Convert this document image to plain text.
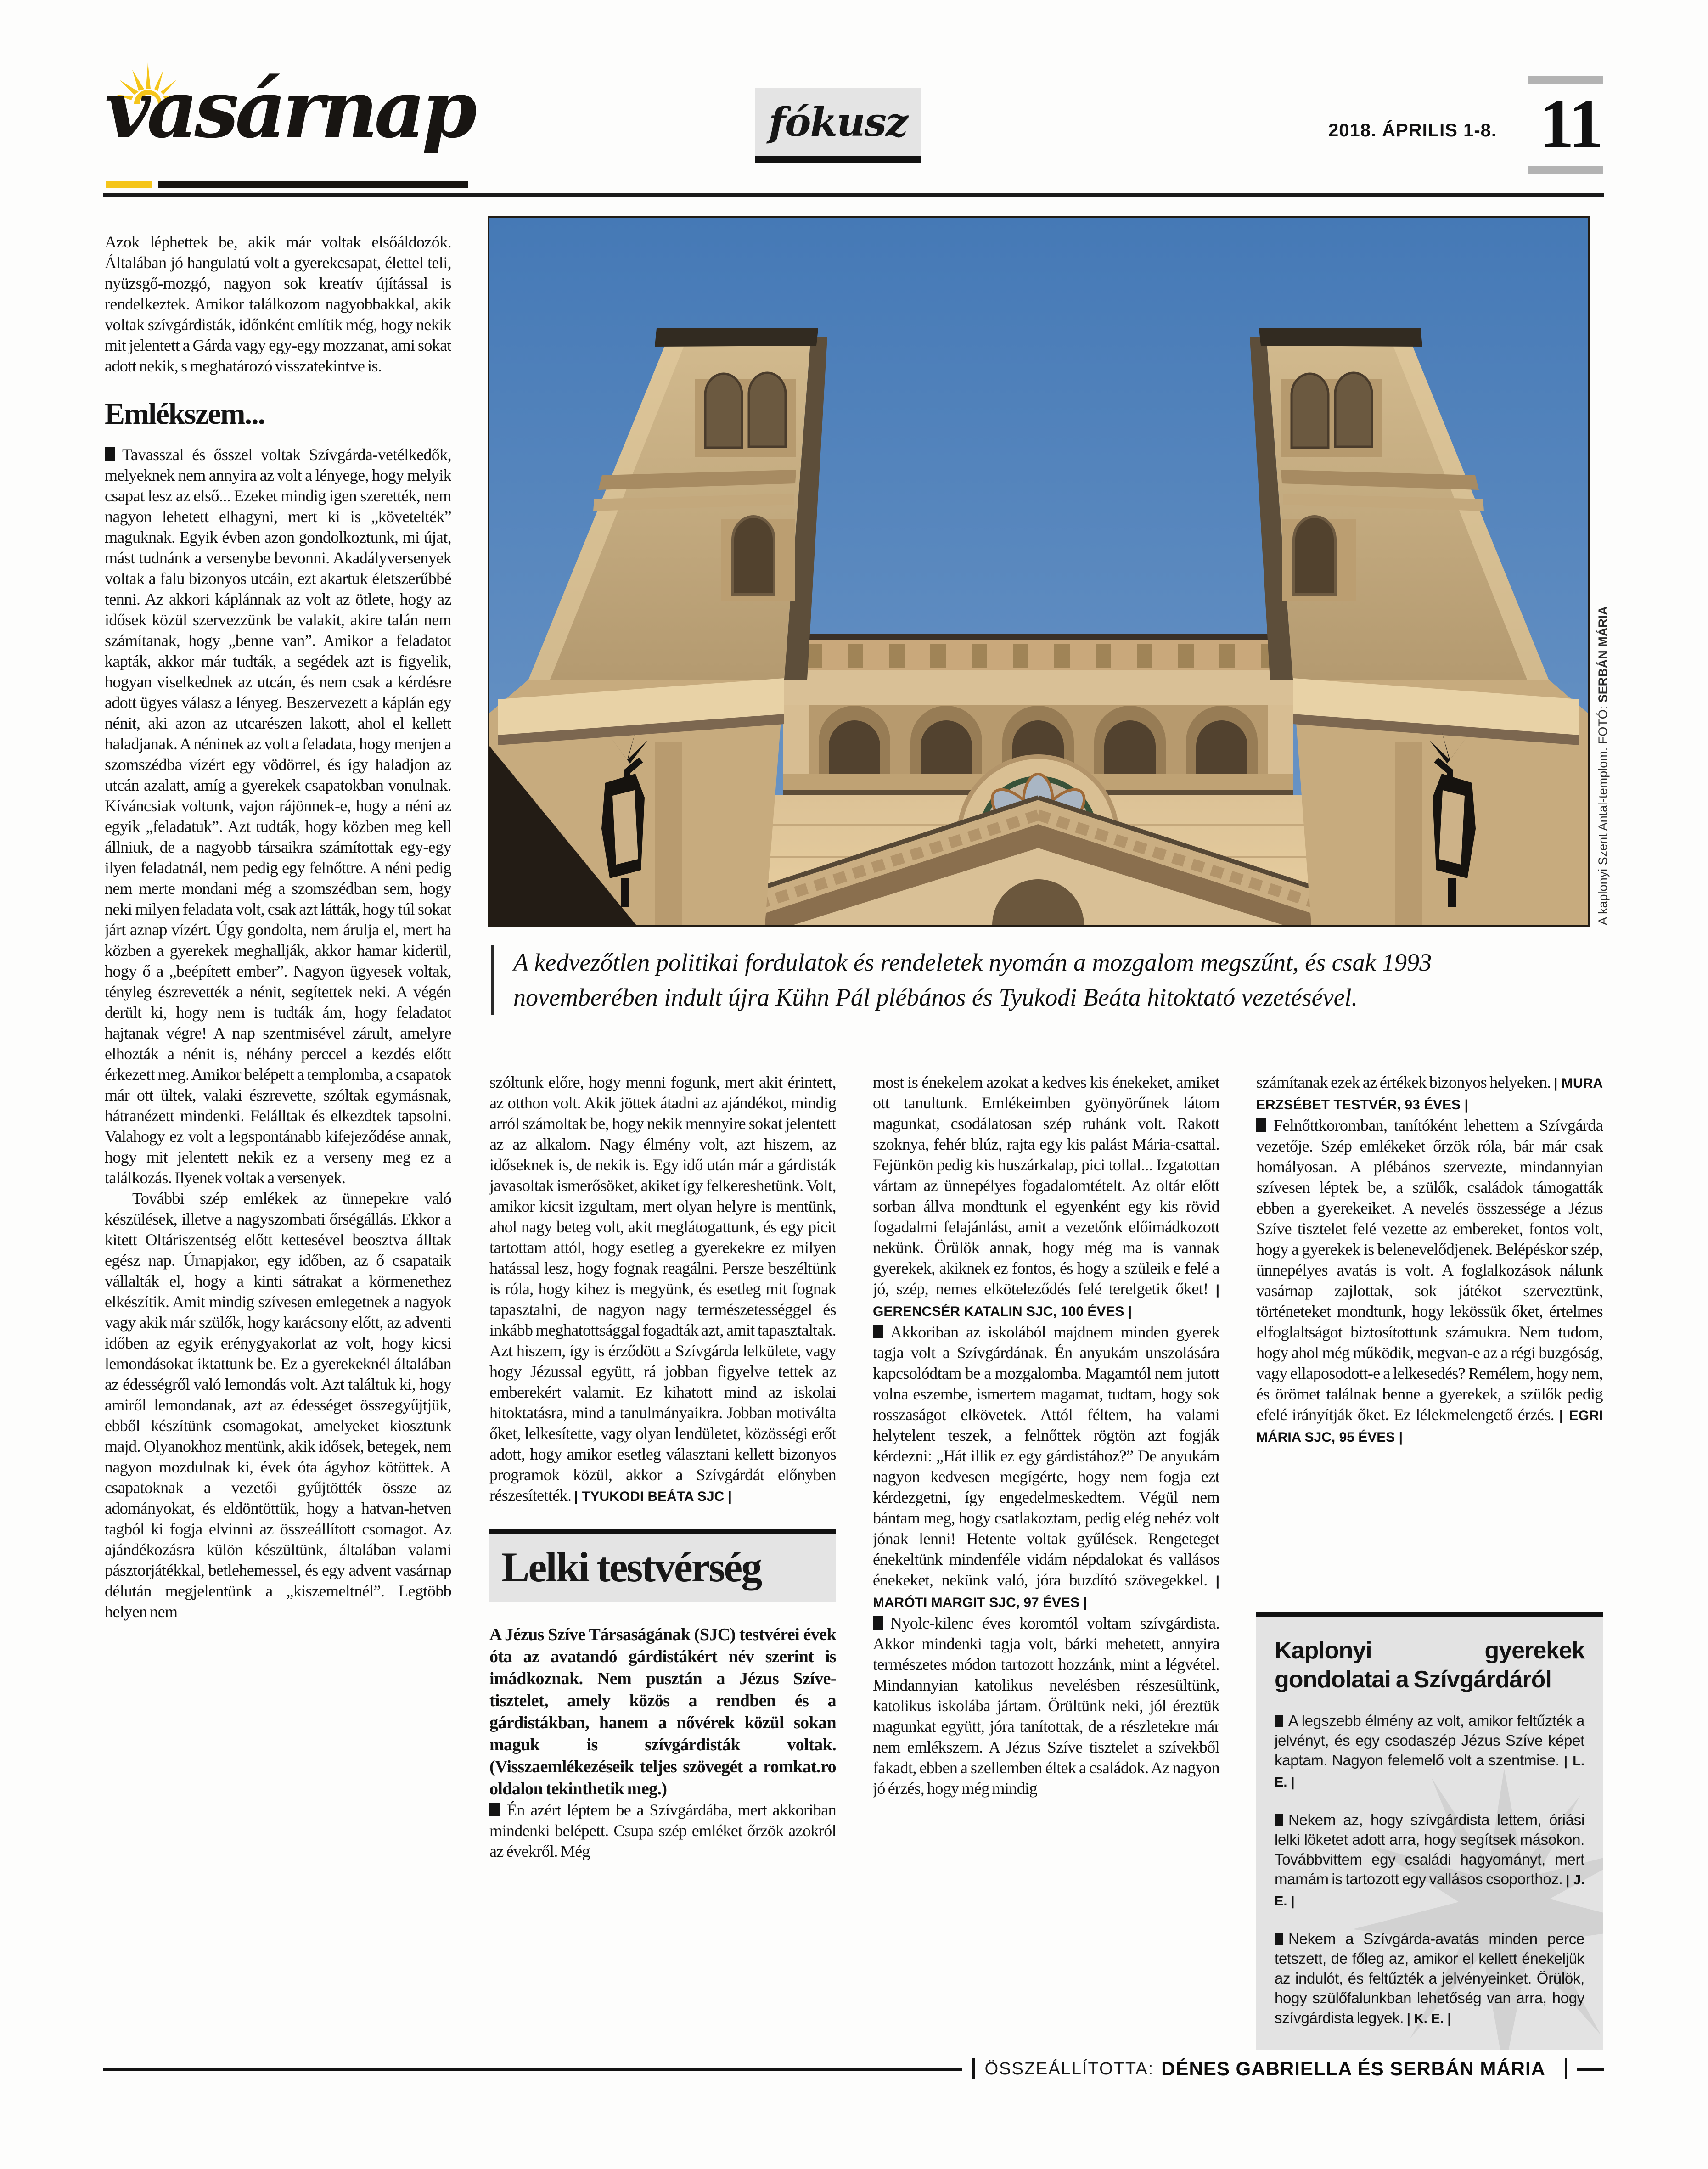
vasárnap	fókusz	2018. ÁPRILIS 1-8. 11

Azok léphettek be, akik már voltak elsőáldozók. Általában jó hangulatú volt a gyerekcsapat, élettel teli, nyüzsgő-mozgó, nagyon sok kreatív újítással is rendelkeztek. Amikor találkozom nagyobbakkal, akik voltak szívgárdisták, időnként említik még, hogy nekik mit jelentett a Gárda vagy egy-egy mozzanat, ami sokat adott nekik, s meghatározó visszatekintve is.

Emlékszem...

Tavasszal és ősszel voltak Szívgárda-vetélkedők, melyeknek nem annyira az volt a lényege, hogy melyik csapat lesz az első... Ezeket mindig igen szerették, nem nagyon lehetett elhagyni, mert ki is „követelték” maguknak. Egyik évben azon gondolkoztunk, mi újat, mást tudnánk a versenybe bevonni. Akadályversenyek voltak a falu bizonyos utcáin, ezt akartuk életszerűbbé tenni. Az akkori káplánnak az volt az ötlete, hogy az idősek közül szervezzünk be valakit, akire talán nem számítanak, hogy „benne van”. Amikor a feladatot kapták, akkor már tudták, a segédek azt is figyelik, hogyan viselkednek az utcán, és nem csak a kérdésre adott ügyes válasz a lényeg. Beszervezett a káplán egy nénit, aki azon az utcarészen lakott, ahol el kellett haladjanak. A néninek az volt a feladata, hogy menjen a szomszédba vízért egy vödörrel, és így haladjon az utcán azalatt, amíg a gyerekek csapatokban vonulnak. Kíváncsiak voltunk, vajon rájönnek-e, hogy a néni az egyik „feladatuk”. Azt tudták, hogy közben meg kell állniuk, de a nagyobb társaikra számítottak egy-egy ilyen feladatnál, nem pedig egy felnőttre. A néni pedig nem merte mondani még a szomszédban sem, hogy neki milyen feladata volt, csak azt látták, hogy túl sokat járt aznap vízért. Úgy gondolta, nem árulja el, mert ha közben a gyerekek meghallják, akkor hamar kiderül, hogy ő a „beépített ember”. Nagyon ügyesek voltak, tényleg észrevették a nénit, segítettek neki. A végén derült ki, hogy nem is tudták ám, hogy feladatot hajtanak végre! A nap szentmisével zárult, amelyre elhozták a nénit is, néhány perccel a kezdés előtt érkezett meg. Amikor belépett a templomba, a csapatok már ott ültek, valaki észrevette, szóltak egymásnak, hátranézett mindenki. Felálltak és elkezdtek tapsolni. Valahogy ez volt a legspontánabb kifejeződése annak, hogy mit jelentett nekik ez a verseny meg ez a találkozás. Ilyenek voltak a versenyek.

További szép emlékek az ünnepekre való készülések, illetve a nagyszombati őrségállás. Ekkor a kitett Oltáriszentség előtt kettesével beosztva álltak egész nap. Úrnapjakor, egy időben, az ő csapataik vállalták el, hogy a kinti sátrakat a körmenethez elkészítik. Amit mindig szívesen emlegetnek a nagyok vagy akik már szülők, hogy karácsony előtt, az adventi időben az egyik erénygyakorlat az volt, hogy kicsi lemondásokat iktattunk be. Ez a gyerekeknél általában az édességről való lemondás volt. Azt találtuk ki, hogy amiről lemondanak, azt az édességet összegyűjtjük, ebből készítünk csomagokat, amelyeket kiosztunk majd. Olyanokhoz mentünk, akik idősek, betegek, nem nagyon mozdulnak ki, évek óta ágyhoz kötöttek. A csapatoknak a vezetői gyűjtötték össze az adományokat, és eldöntöttük, hogy a hatvan-hetven tagból ki fogja elvinni az összeállított csomagot. Az ajándékozásra külön készültünk, általában valami pásztorjátékkal, betlehemessel, és egy advent vasárnap délután megjelentünk a „kiszemeltnél”. Legtöbb helyen nem

A kaplonyi Szent Antal-templom. FOTÓ: SERBÁN MÁRIA
A kedvezőtlen politikai fordulatok és rendeletek nyomán a mozgalom megszűnt, és csak 1993 novemberében indult újra Kühn Pál plébános és Tyukodi Beáta hitoktató vezetésével.

szóltunk előre, hogy menni fogunk, mert akit érintett, az otthon volt. Akik jöttek átadni az ajándékot, mindig arról számoltak be, hogy nekik mennyire sokat jelentett az az alkalom. Nagy élmény volt, azt hiszem, az időseknek is, de nekik is. Egy idő után már a gárdisták javasoltak ismerősöket, akiket így felkereshetünk. Volt, amikor kicsit izgultam, mert olyan helyre is mentünk, ahol nagy beteg volt, akit meglátogattunk, és egy picit tartottam attól, hogy esetleg a gyerekekre ez milyen hatással lesz, hogy fognak reagálni. Persze beszéltünk is róla, hogy kihez is megyünk, és esetleg mit fognak tapasztalni, de nagyon nagy természetességgel és inkább meghatottsággal fogadták azt, amit tapasztaltak. Azt hiszem, így is érződött a Szívgárda lelkülete, vagy hogy Jézussal együtt, rá jobban figyelve tettek az emberekért valamit. Ez kihatott mind az iskolai hitoktatásra, mind a tanulmányaikra. Jobban motiválta őket, lelkesítette, vagy olyan lendületet, közösségi erőt adott, hogy amikor esetleg választani kellett bizonyos programok közül, akkor a Szívgárdát előnyben részesítették. | TYUKODI BEÁTA SJC |

Lelki testvérség

A Jézus Szíve Társaságának (SJC) testvérei évek óta az avatandó gárdistákért név szerint is imádkoznak. Nem pusztán a Jézus Szíve-tisztelet, amely közös a rendben és a gárdistákban, hanem a nővérek közül sokan maguk is szívgárdisták voltak. (Visszaemlékezéseik teljes szövegét a romkat.ro oldalon tekinthetik meg.)

Én azért léptem be a Szívgárdába, mert akkoriban mindenki belépett. Csupa szép emléket őrzök azokról az évekről. Még

most is énekelem azokat a kedves kis énekeket, amiket ott tanultunk. Emlékeimben gyönyörűnek látom magunkat, csodálatosan szép ruhánk volt. Rakott szoknya, fehér blúz, rajta egy kis palást Mária-csattal. Fejünkön pedig kis huszárkalap, pici tollal... Izgatottan vártam az ünnepélyes fogadalomtételt. Az oltár előtt sorban állva mondtunk el egyenként egy kis rövid fogadalmi felajánlást, amit a vezetőnk előimádkozott nekünk. Örülök annak, hogy még ma is vannak gyerekek, akiknek ez fontos, és hogy a szüleik e felé a jó, szép, nemes elköteleződés felé terelgetik őket! | GERENCSÉR KATALIN SJC, 100 ÉVES |

Akkoriban az iskolából majdnem minden gyerek tagja volt a Szívgárdának. Én anyukám unszolására kapcsolódtam be a mozgalomba. Magamtól nem jutott volna eszembe, ismertem magamat, tudtam, hogy sok rosszaságot elkövetek. Attól féltem, ha valami helytelent teszek, a felnőttek rögtön azt fogják kérdezni: „Hát illik ez egy gárdistához?” De anyukám nagyon kedvesen megígérte, hogy nem fogja ezt kérdezgetni, így engedelmeskedtem. Végül nem bántam meg, hogy csatlakoztam, pedig elég nehéz volt jónak lenni! Hetente voltak gyűlések. Rengeteget énekeltünk mindenféle vidám népdalokat és vallásos énekeket, nekünk való, jóra buzdító szövegekkel. | MARÓTI MARGIT SJC, 97 ÉVES |

Nyolc-kilenc éves koromtól voltam szívgárdista. Akkor mindenki tagja volt, bárki mehetett, annyira természetes módon tartozott hozzánk, mint a légvétel. Mindannyian katolikus nevelésben részesültünk, katolikus iskolába jártam. Örültünk neki, jól éreztük magunkat együtt, jóra tanítottak, de a részletekre már nem emlékszem. A Jézus Szíve tisztelet a szívekből fakadt, ebben a szellemben éltek a családok. Az nagyon jó érzés, hogy még mindig

számítanak ezek az értékek bizonyos helyeken. | MURA ERZSÉBET TESTVÉR, 93 ÉVES |

Felnőttkoromban, tanítóként lehettem a Szívgárda vezetője. Szép emlékeket őrzök róla, bár már csak homályosan. A plébános szervezte, mindannyian szívesen léptek be, a szülők, családok támogatták ebben a gyerekeiket. A nevelés összessége a Jézus Szíve tisztelet felé vezette az embereket, fontos volt, hogy a gyerekek is belenevelődjenek. Belépéskor szép, ünnepélyes avatás is volt. A foglalkozások nálunk vasárnap zajlottak, sok játékot szerveztünk, történeteket mondtunk, hogy lekössük őket, értelmes elfoglaltságot biztosítottunk számukra. Nem tudom, hogy ahol még működik, megvan-e az a régi buzgóság, vagy ellaposodott-e a lelkesedés? Remélem, hogy nem, és örömet találnak benne a gyerekek, a szülők pedig efelé irányítják őket. Ez lélekmelengető érzés. | EGRI MÁRIA SJC, 95 ÉVES |

Kaplonyi gyerekek gondolatai a Szívgárdáról

A legszebb élmény az volt, amikor feltűzték a jelvényt, és egy csodaszép Jézus Szíve képet kaptam. Nagyon felemelő volt a szentmise. | L. E. |

Nekem az, hogy szívgárdista lettem, óriási lelki löketet adott arra, hogy segítsek másokon. Továbbvittem egy családi hagyományt, mert mamám is tartozott egy vallásos csoporthoz. | J. E. |

Nekem a Szívgárda-avatás minden perce tetszett, de főleg az, amikor el kellett énekeljük az indulót, és feltűzték a jelvényeinket. Örülök, hogy szülőfalunkban lehetőség van arra, hogy szívgárdista legyek. | K. E. |

ÖSSZEÁLLÍTOTTA: DÉNES GABRIELLA ÉS SERBÁN MÁRIA
